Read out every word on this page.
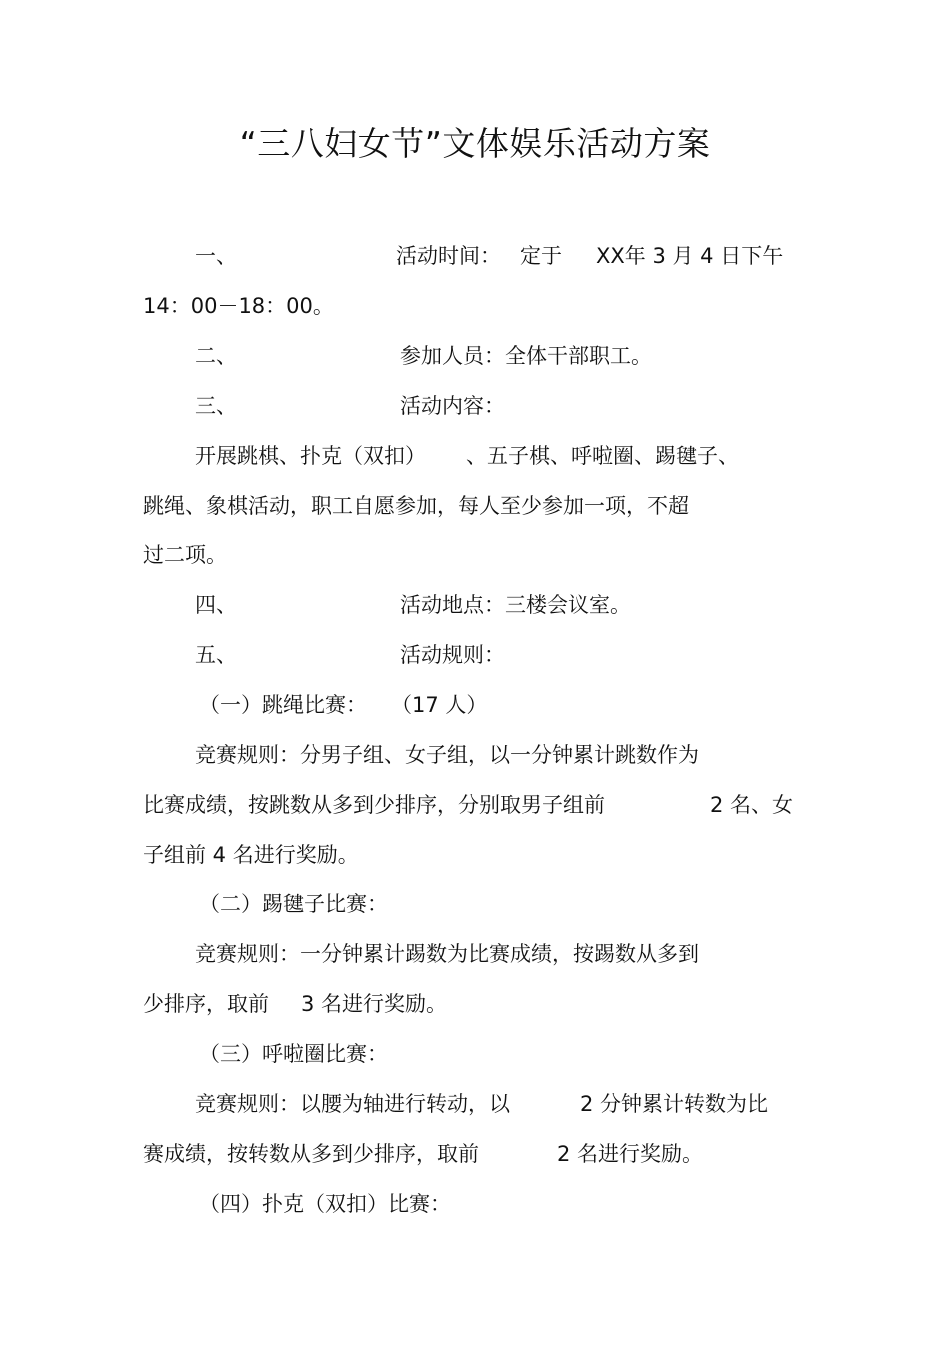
“三八妇女节”文体娱乐活动方案
一、	活动时间： 定于 XX年 3 月 4 日下午
14：00－18：00。
二、	参加人员：全体干部职工。
三、	活动内容：
开展跳棋、扑克（双扣） 、五子棋、呼啦圈、踢毽子、
跳绳、象棋活动，职工自愿参加，每人至少参加一项，不超
过二项。
四、	活动地点：三楼会议室。
五、	活动规则：
（一）跳绳比赛： （17 人）
竞赛规则：分男子组、女子组，以一分钟累计跳数作为
比赛成绩，按跳数从多到少排序，分别取男子组前	2 名、女
子组前 4 名进行奖励。
（二）踢毽子比赛：
竞赛规则：一分钟累计踢数为比赛成绩，按踢数从多到
少排序，取前 3 名进行奖励。
（三）呼啦圈比赛：
竞赛规则：以腰为轴进行转动，以	2 分钟累计转数为比
赛成绩，按转数从多到少排序，取前	2 名进行奖励。
（四）扑克（双扣）比赛：
